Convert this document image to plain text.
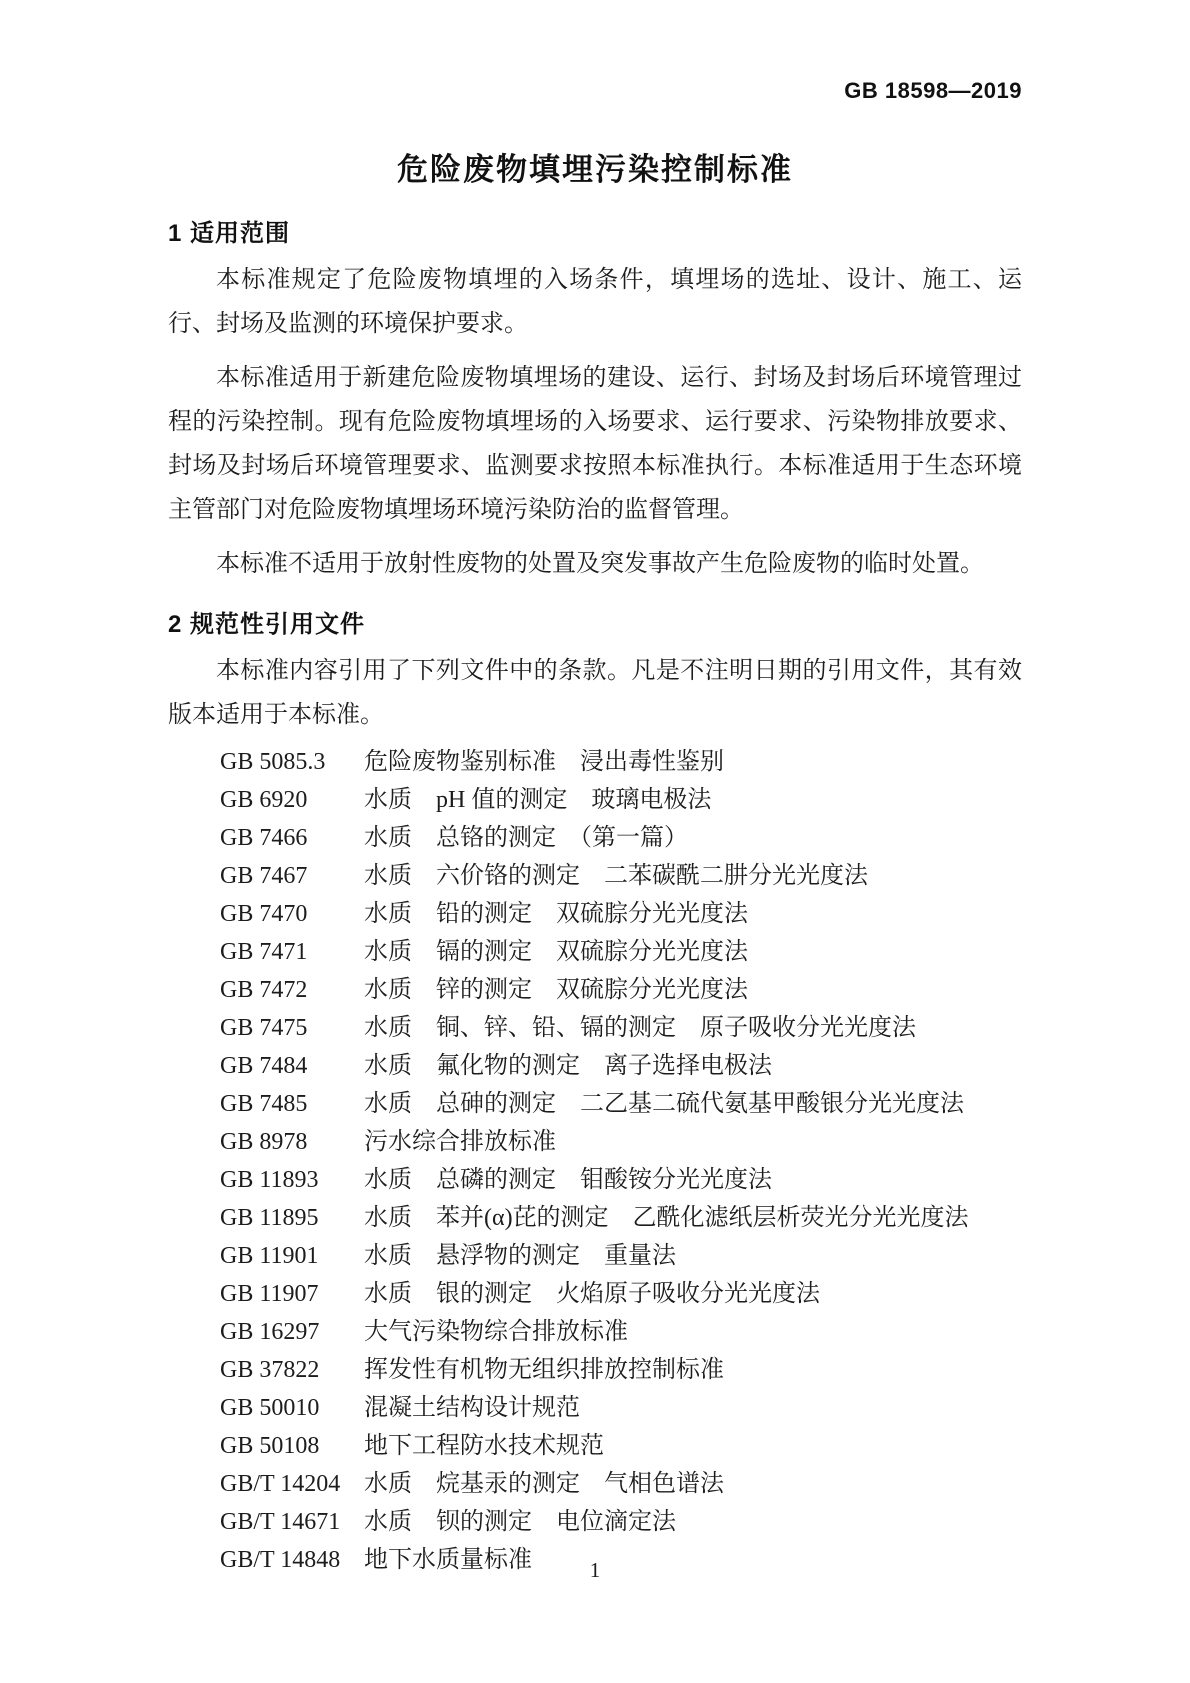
GB 18598—2019
危险废物填埋污染控制标准
1 适用范围

本标准规定了危险废物填埋的入场条件，填埋场的选址、设计、施工、运行、封场及监测的环境保护要求。

本标准适用于新建危险废物填埋场的建设、运行、封场及封场后环境管理过程的污染控制。现有危险废物填埋场的入场要求、运行要求、污染物排放要求、封场及封场后环境管理要求、监测要求按照本标准执行。本标准适用于生态环境主管部门对危险废物填埋场环境污染防治的监督管理。

本标准不适用于放射性废物的处置及突发事故产生危险废物的临时处置。

2 规范性引用文件

本标准内容引用了下列文件中的条款。凡是不注明日期的引用文件，其有效版本适用于本标准。

GB 5085.3	危险废物鉴别标准　浸出毒性鉴别
GB 6920	水质　pH 值的测定　玻璃电极法
GB 7466	水质　总铬的测定　（第一篇）
GB 7467	水质　六价铬的测定　二苯碳酰二肼分光光度法
GB 7470	水质　铅的测定　双硫腙分光光度法
GB 7471	水质　镉的测定　双硫腙分光光度法
GB 7472	水质　锌的测定　双硫腙分光光度法
GB 7475	水质　铜、锌、铅、镉的测定　原子吸收分光光度法
GB 7484	水质　氟化物的测定　离子选择电极法
GB 7485	水质　总砷的测定　二乙基二硫代氨基甲酸银分光光度法
GB 8978	污水综合排放标准
GB 11893	水质　总磷的测定　钼酸铵分光光度法
GB 11895	水质　苯并(α)芘的测定　乙酰化滤纸层析荧光分光光度法
GB 11901	水质　悬浮物的测定　重量法
GB 11907	水质　银的测定　火焰原子吸收分光光度法
GB 16297	大气污染物综合排放标准
GB 37822	挥发性有机物无组织排放控制标准
GB 50010	混凝土结构设计规范
GB 50108	地下工程防水技术规范
GB/T 14204 水质　烷基汞的测定　气相色谱法
GB/T 14671 水质　钡的测定　电位滴定法
GB/T 14848 地下水质量标准	1
